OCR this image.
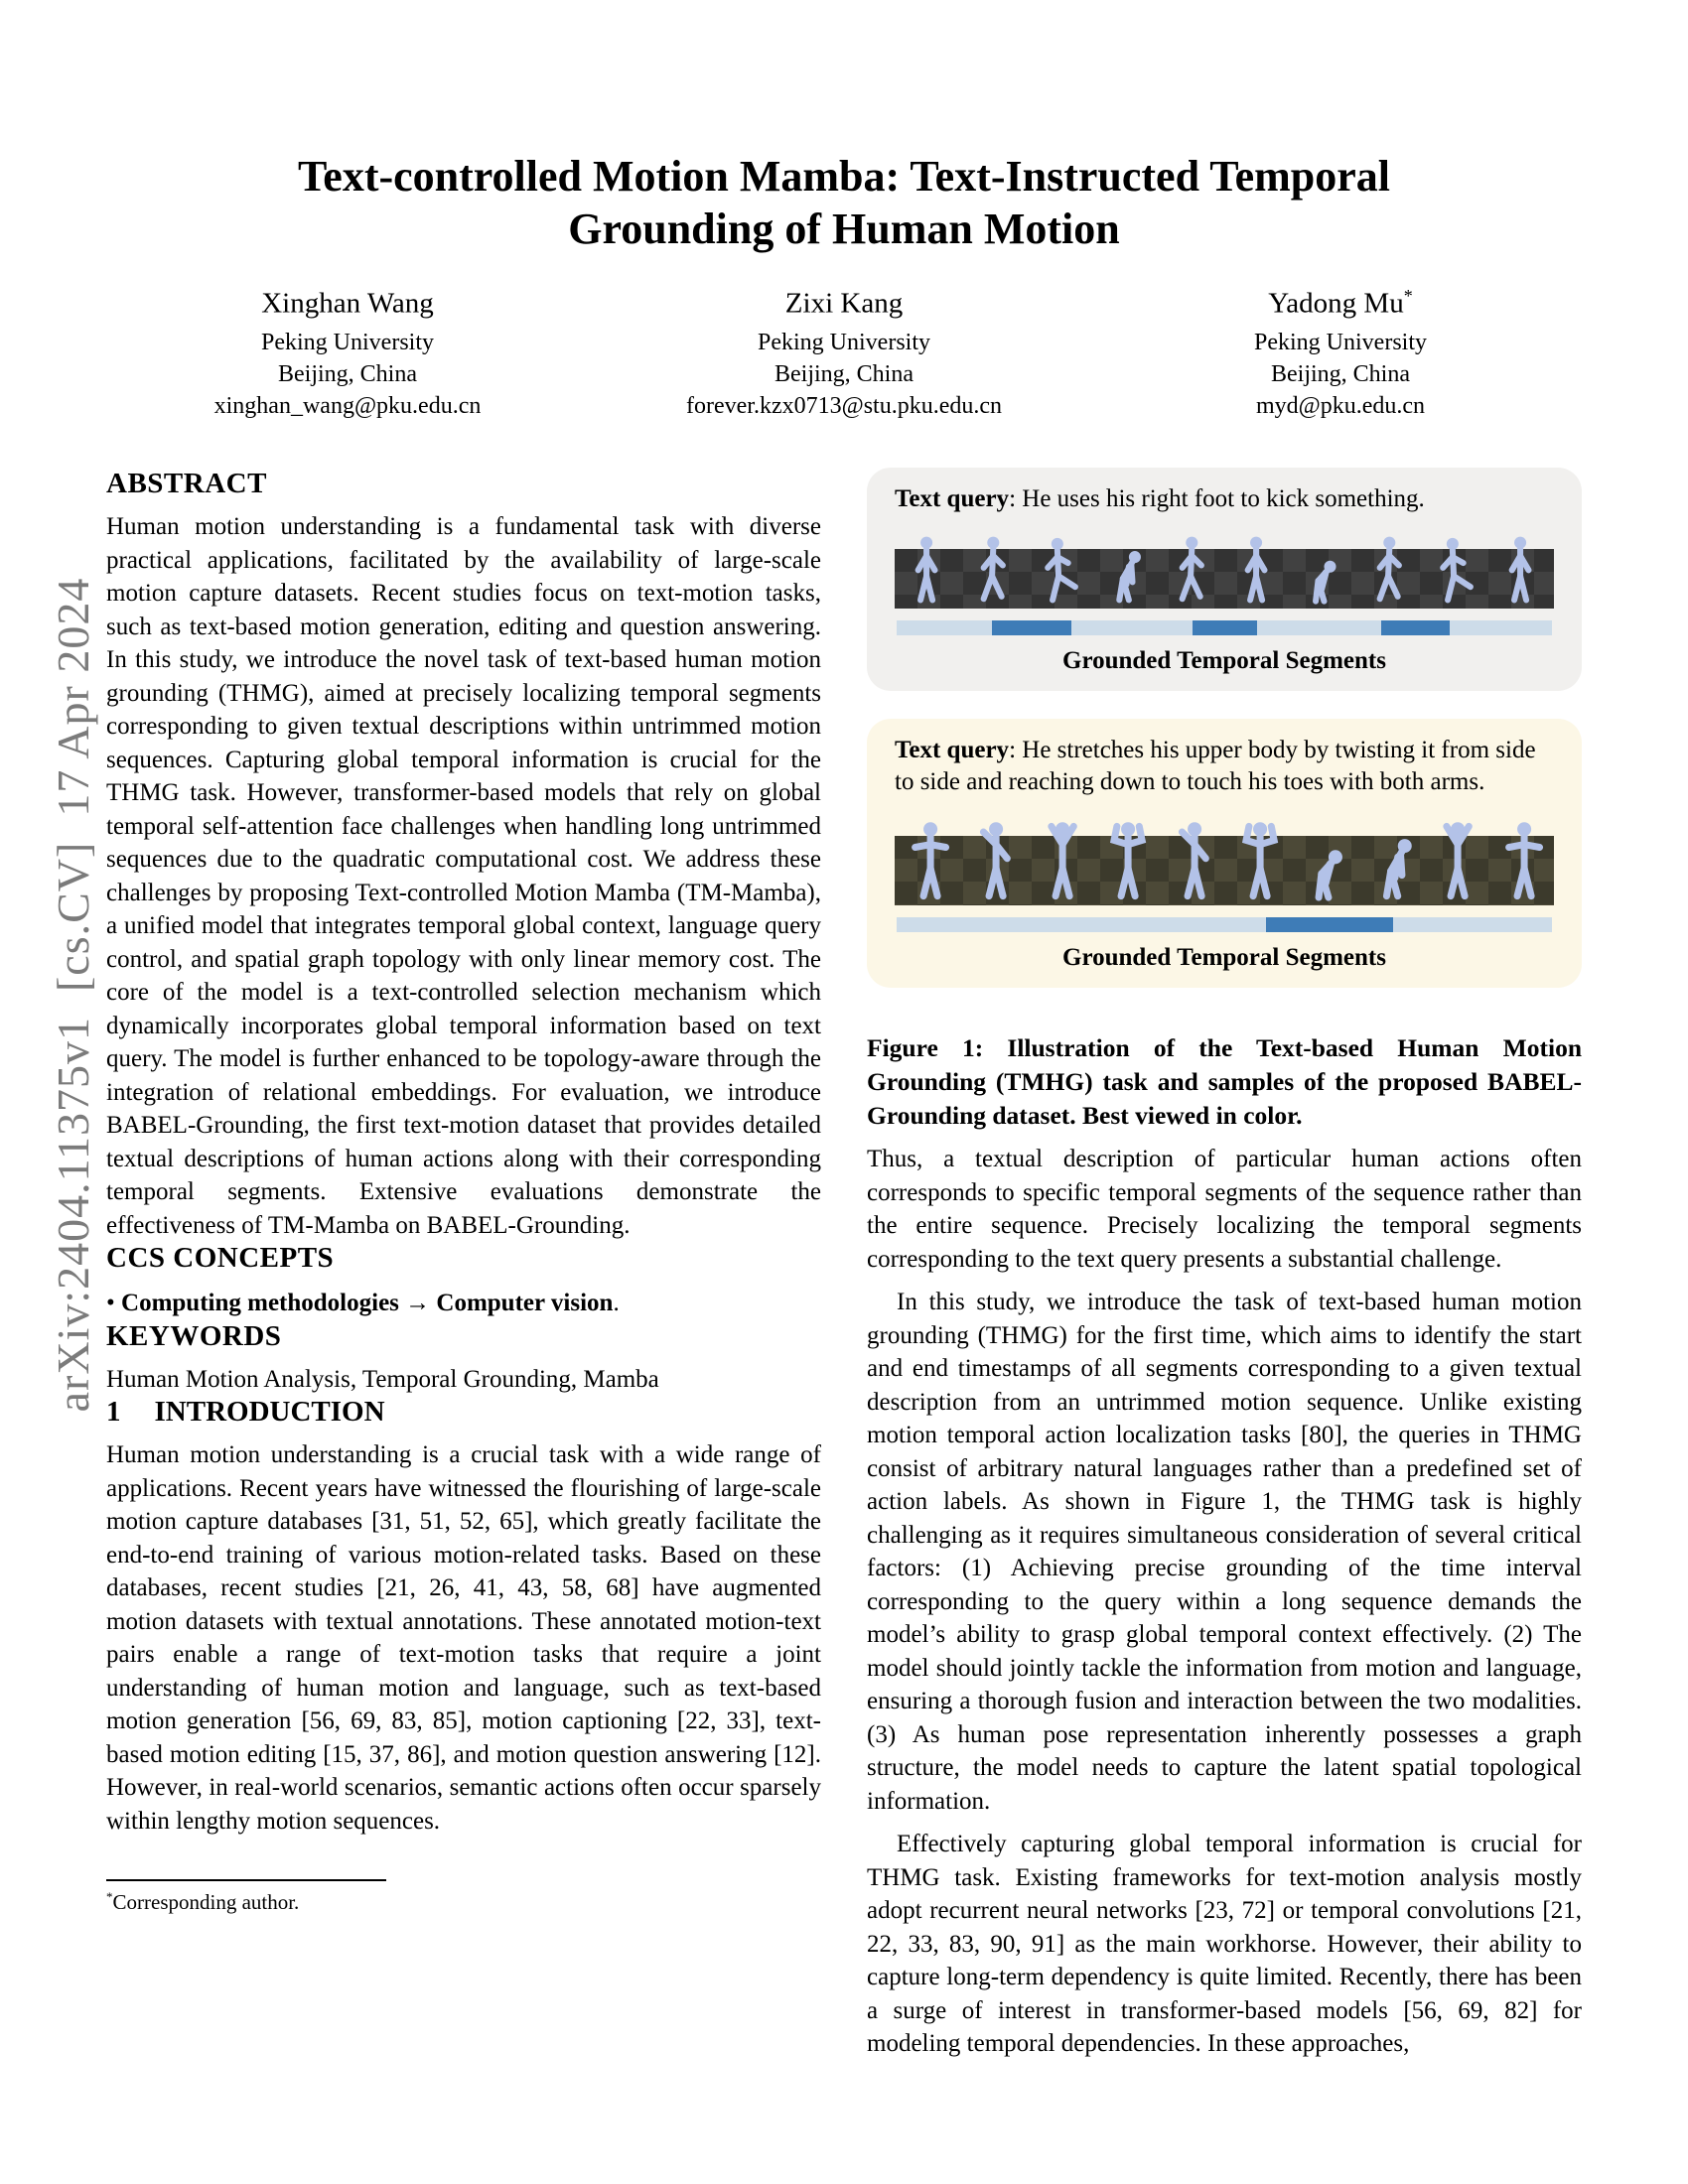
arXiv:2404.11375v1  [cs.CV]  17 Apr 2024
Text-controlled Motion Mamba: Text-Instructed Temporal
Grounding of Human Motion
Xinghan Wang
Peking University
Beijing, China
xinghan_wang@pku.edu.cn
Zixi Kang
Peking University
Beijing, China
forever.kzx0713@stu.pku.edu.cn
Yadong Mu*
Peking University
Beijing, China
myd@pku.edu.cn
ABSTRACT

Human motion understanding is a fundamental task with diverse practical applications, facilitated by the availability of large-scale motion capture datasets. Recent studies focus on text-motion tasks, such as text-based motion generation, editing and question answering. In this study, we introduce the novel task of text-based human motion grounding (THMG), aimed at precisely localizing temporal segments corresponding to given textual descriptions within untrimmed motion sequences. Capturing global temporal information is crucial for the THMG task. However, transformer-based models that rely on global temporal self-attention face challenges when handling long untrimmed sequences due to the quadratic computational cost. We address these challenges by proposing Text-controlled Motion Mamba (TM-Mamba), a unified model that integrates temporal global context, language query control, and spatial graph topology with only linear memory cost. The core of the model is a text-controlled selection mechanism which dynamically incorporates global temporal information based on text query. The model is further enhanced to be topology-aware through the integration of relational embeddings. For evaluation, we introduce BABEL-Grounding, the first text-motion dataset that provides detailed textual descriptions of human actions along with their corresponding temporal segments. Extensive evaluations demonstrate the effectiveness of TM-Mamba on BABEL-Grounding.

CCS CONCEPTS

• Computing methodologies → Computer vision.

KEYWORDS

Human Motion Analysis, Temporal Grounding, Mamba

1 INTRODUCTION

Human motion understanding is a crucial task with a wide range of applications. Recent years have witnessed the flourishing of large-scale motion capture databases [31, 51, 52, 65], which greatly facilitate the end-to-end training of various motion-related tasks. Based on these databases, recent studies [21, 26, 41, 43, 58, 68] have augmented motion datasets with textual annotations. These annotated motion-text pairs enable a range of text-motion tasks that require a joint understanding of human motion and language, such as text-based motion generation [56, 69, 83, 85], motion captioning [22, 33], text-based motion editing [15, 37, 86], and motion question answering [12]. However, in real-world scenarios, semantic actions often occur sparsely within lengthy motion sequences.

*Corresponding author.

Text query: He uses his right foot to kick something.

Grounded Temporal Segments

Text query: He stretches his upper body by twisting it from side to side and reaching down to touch his toes with both arms.

Grounded Temporal Segments

Figure 1: Illustration of the Text-based Human Motion Grounding (TMHG) task and samples of the proposed BABEL-Grounding dataset. Best viewed in color.

Thus, a textual description of particular human actions often corresponds to specific temporal segments of the sequence rather than the entire sequence. Precisely localizing the temporal segments corresponding to the text query presents a substantial challenge.

In this study, we introduce the task of text-based human motion grounding (THMG) for the first time, which aims to identify the start and end timestamps of all segments corresponding to a given textual description from an untrimmed motion sequence. Unlike existing motion temporal action localization tasks [80], the queries in THMG consist of arbitrary natural languages rather than a predefined set of action labels. As shown in Figure 1, the THMG task is highly challenging as it requires simultaneous consideration of several critical factors: (1) Achieving precise grounding of the time interval corresponding to the query within a long sequence demands the model’s ability to grasp global temporal context effectively. (2) The model should jointly tackle the information from motion and language, ensuring a thorough fusion and interaction between the two modalities. (3) As human pose representation inherently possesses a graph structure, the model needs to capture the latent spatial topological information.

Effectively capturing global temporal information is crucial for THMG task. Existing frameworks for text-motion analysis mostly adopt recurrent neural networks [23, 72] or temporal convolutions [21, 22, 33, 83, 90, 91] as the main workhorse. However, their ability to capture long-term dependency is quite limited. Recently, there has been a surge of interest in transformer-based models [56, 69, 82] for modeling temporal dependencies. In these approaches,
